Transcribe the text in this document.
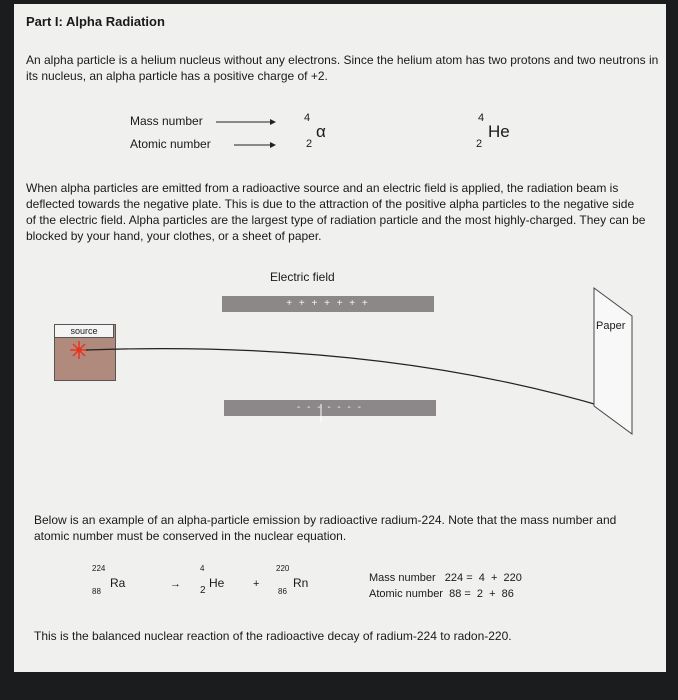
Part I: Alpha Radiation
An alpha particle is a helium nucleus without any electrons. Since the helium atom has two protons and two neutrons in its nucleus, an alpha particle has a positive charge of +2.
Mass number
Atomic number
4
2
α
4
2
He
When alpha particles are emitted from a radioactive source and an electric field is applied, the radiation beam is deflected towards the negative plate. This is due to the attraction of the positive alpha particles to the negative side of the electric field. Alpha particles are the largest type of radiation particle and the most highly-charged. They can be blocked by your hand, your clothes, or a sheet of paper.
Electric field
+ + + + + + +
- - - - - - -
source	Paper
Below is an example of an alpha-particle emission by radioactive radium-224. Note that the mass number and atomic number must be conserved in the nuclear equation.
224
88
Ra	→
4
2
He	+
220
86
Rn	Mass number   224 =  4  +  220
Atomic number  88 =  2  +  86
This is the balanced nuclear reaction of the radioactive decay of radium-224 to radon-220.
